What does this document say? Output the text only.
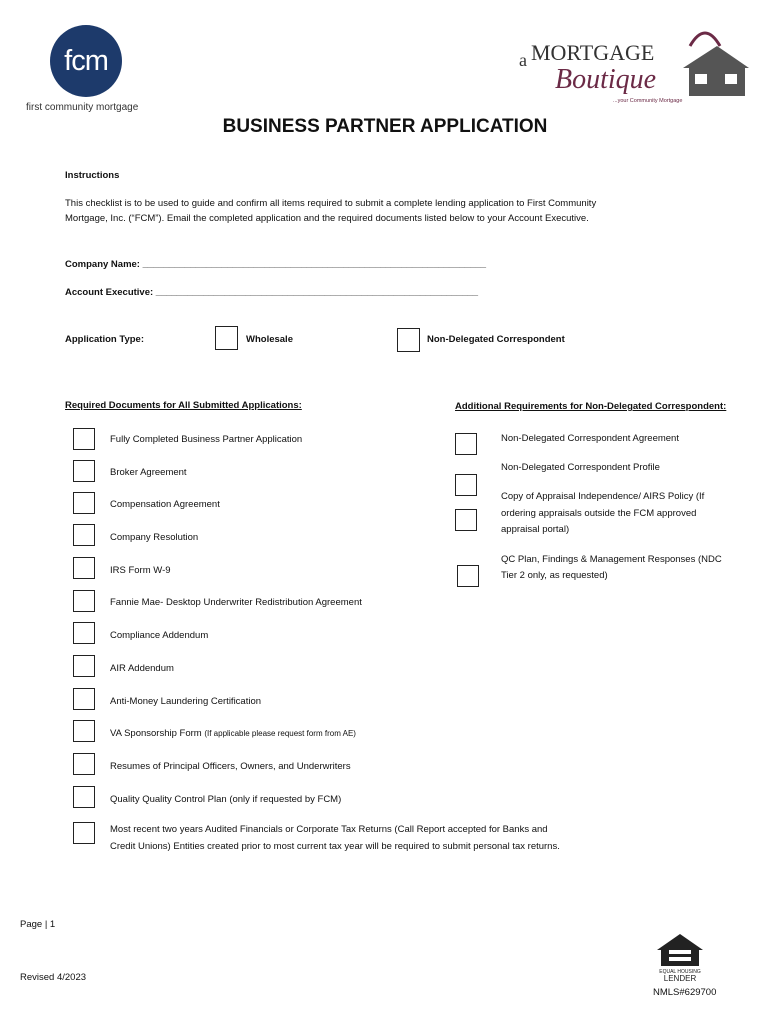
fcm
first community mortgage
a MORTGAGE
Boutique
...your Community Mortgage
BUSINESS PARTNER APPLICATION
Instructions
This checklist is to be used to guide and confirm all items required to submit a complete lending application to First Community
Mortgage, Inc. (“FCM”). Email the completed application and the required documents listed below to your Account Executive.
Company Name: _________________________________________________________________
Account Executive: _____________________________________________________________
Application Type:	Wholesale	Non-Delegated Correspondent
Required Documents for All Submitted Applications:
Fully Completed Business Partner Application
Broker Agreement
Compensation Agreement
Company Resolution
IRS Form W-9
Fannie Mae- Desktop Underwriter Redistribution Agreement
Compliance Addendum
AIR Addendum
Anti-Money Laundering Certification
VA Sponsorship Form (If applicable please request form from AE)
Resumes of Principal Officers, Owners, and Underwriters
Quality Quality Control Plan (only if requested by FCM)
Most recent two years Audited Financials or Corporate Tax Returns (Call Report accepted for Banks and
Credit Unions) Entities created prior to most current tax year will be required to submit personal tax returns.
Additional Requirements for Non-Delegated Correspondent:
Non-Delegated Correspondent Agreement
Non-Delegated Correspondent Profile
Copy of Appraisal Independence/ AIRS Policy (If
ordering appraisals outside the FCM approved
appraisal portal)
QC Plan, Findings & Management Responses (NDC
Tier 2 only, as requested)
Page | 1
Revised 4/2023	EQUAL HOUSING
LENDER
NMLS#629700
